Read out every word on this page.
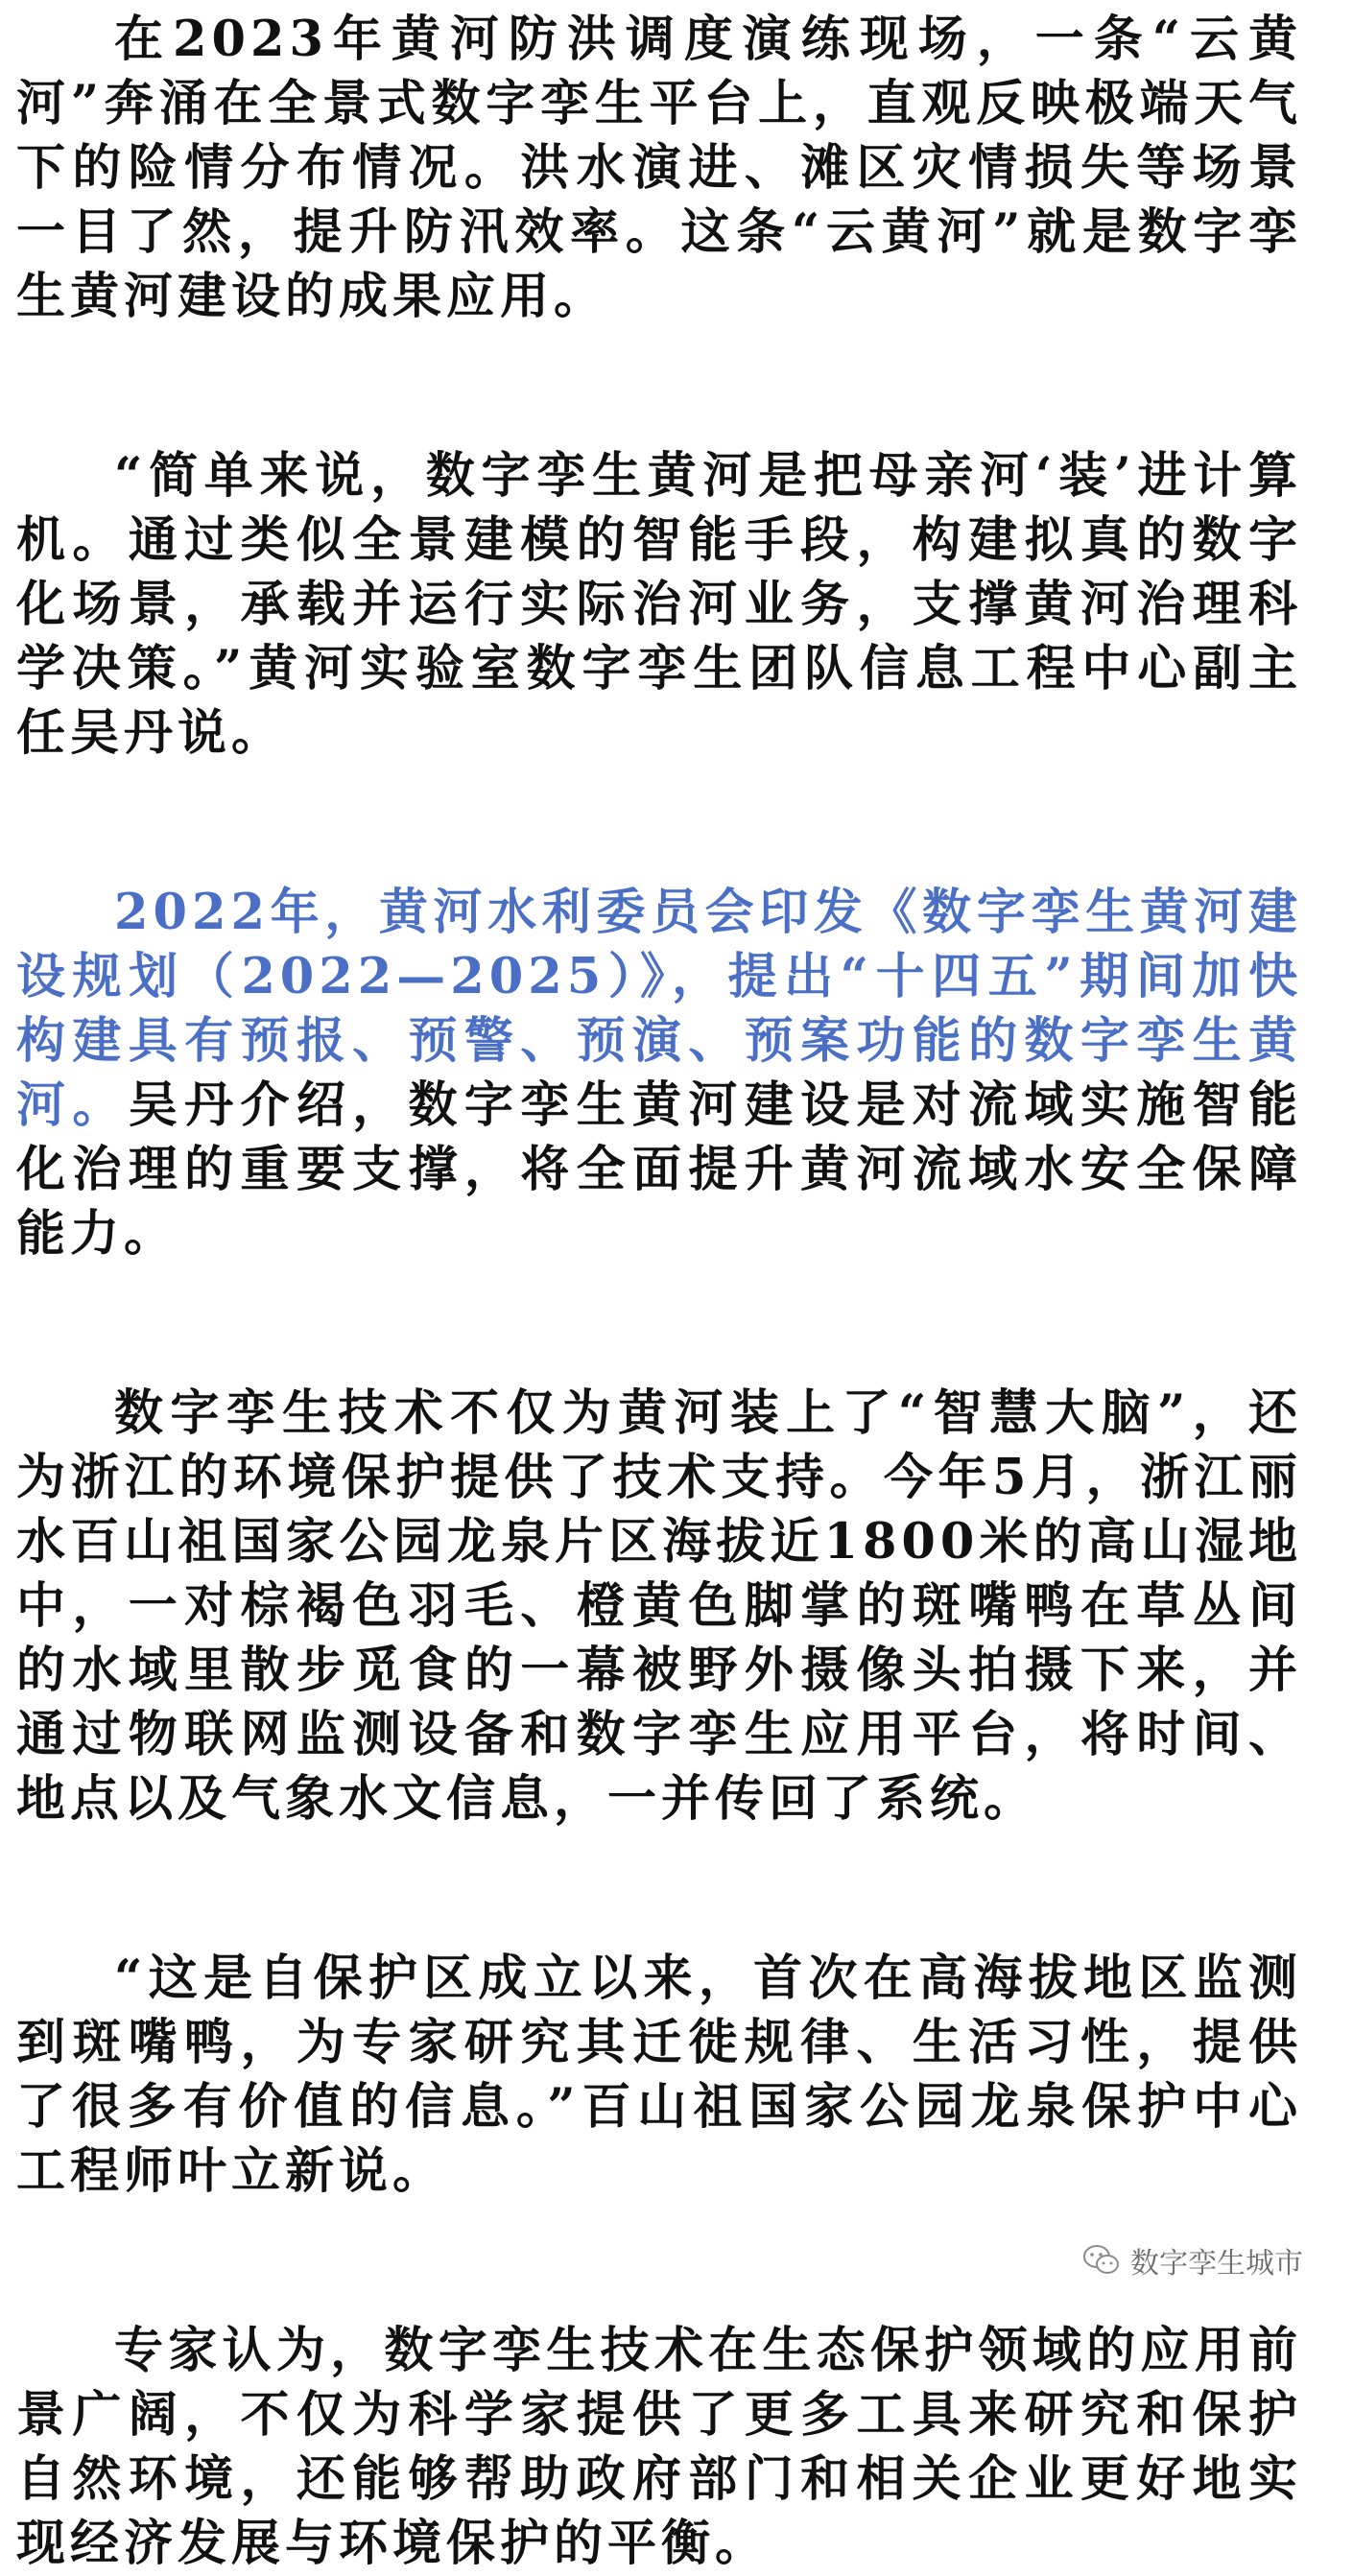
在2023年黄河防洪调度演练现场，一条“云黄河”奔涌在全景式数字孪生平台上，直观反映极端天气下的险情分布情况。洪水演进、滩区灾情损失等场景一目了然，提升防汛效率。这条“云黄河”就是数字孪生黄河建设的成果应用。

“简单来说，数字孪生黄河是把母亲河‘装’进计算机。通过类似全景建模的智能手段，构建拟真的数字化场景，承载并运行实际治河业务，支撑黄河治理科学决策。”黄河实验室数字孪生团队信息工程中心副主任吴丹说。

2022年，黄河水利委员会印发《数字孪生黄河建设规划（2022—2025）》，提出“十四五”期间加快构建具有预报、预警、预演、预案功能的数字孪生黄河。吴丹介绍，数字孪生黄河建设是对流域实施智能化治理的重要支撑，将全面提升黄河流域水安全保障能力。

数字孪生技术不仅为黄河装上了“智慧大脑”，还为浙江的环境保护提供了技术支持。今年5月，浙江丽水百山祖国家公园龙泉片区海拔近1800米的高山湿地中，一对棕褐色羽毛、橙黄色脚掌的斑嘴鸭在草丛间的水域里散步觅食的一幕被野外摄像头拍摄下来，并通过物联网监测设备和数字孪生应用平台，将时间、地点以及气象水文信息，一并传回了系统。

“这是自保护区成立以来，首次在高海拔地区监测到斑嘴鸭，为专家研究其迁徙规律、生活习性，提供了很多有价值的信息。”百山祖国家公园龙泉保护中心工程师叶立新说。

专家认为，数字孪生技术在生态保护领域的应用前景广阔，不仅为科学家提供了更多工具来研究和保护自然环境，还能够帮助政府部门和相关企业更好地实现经济发展与环境保护的平衡。

数字孪生城市
